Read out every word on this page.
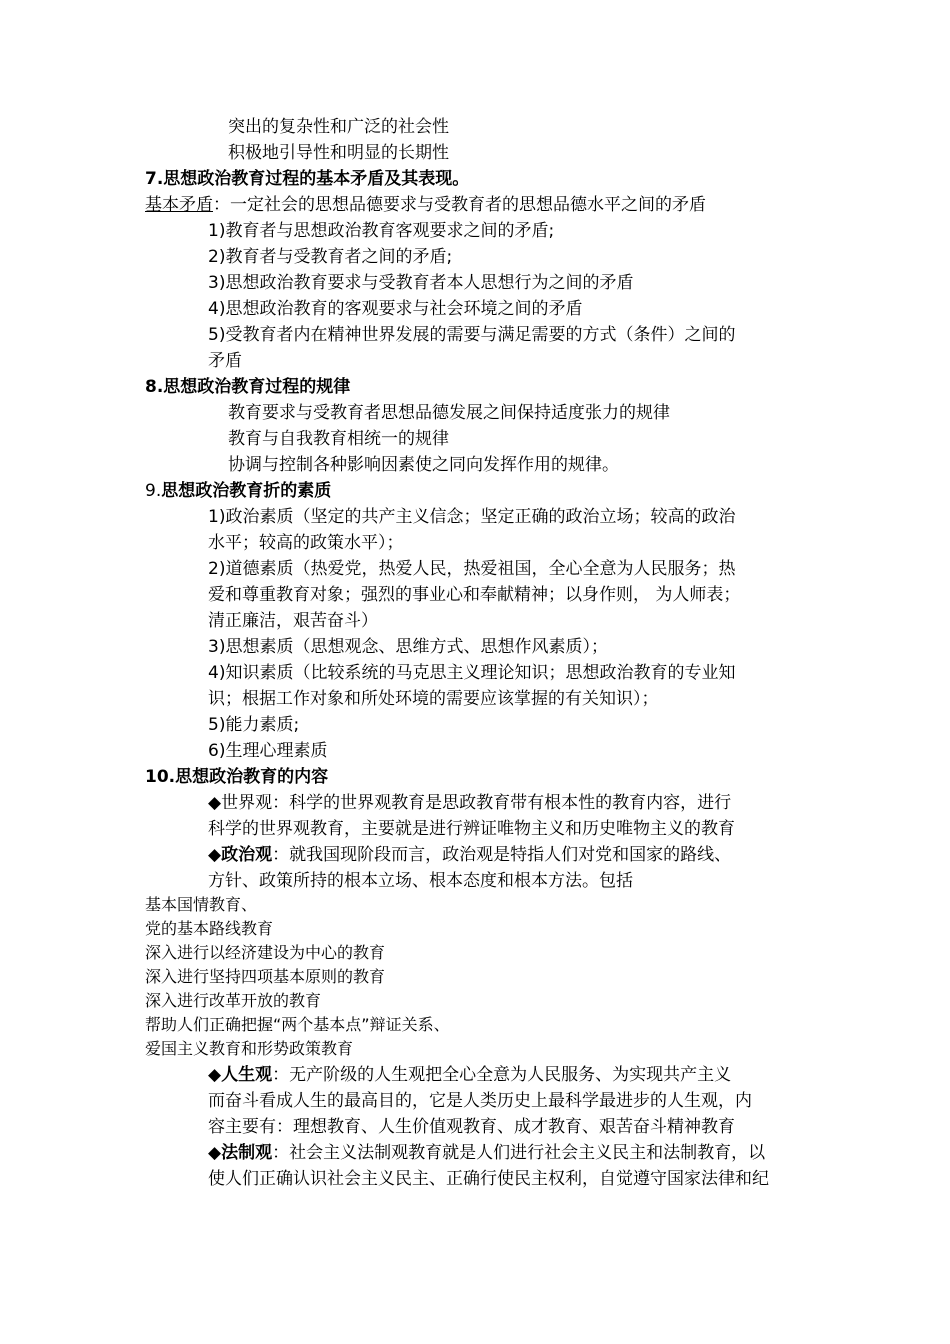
突出的复杂性和广泛的社会性
积极地引导性和明显的长期性
7.思想政治教育过程的基本矛盾及其表现。
基本矛盾：一定社会的思想品德要求与受教育者的思想品德水平之间的矛盾
1)教育者与思想政治教育客观要求之间的矛盾;
2)教育者与受教育者之间的矛盾;
3)思想政治教育要求与受教育者本人思想行为之间的矛盾
4)思想政治教育的客观要求与社会环境之间的矛盾
5)受教育者内在精神世界发展的需要与满足需要的方式（条件）之间的
矛盾
8.思想政治教育过程的规律
教育要求与受教育者思想品德发展之间保持适度张力的规律
教育与自我教育相统一的规律
协调与控制各种影响因素使之同向发挥作用的规律。
9.思想政治教育折的素质
1)政治素质（坚定的共产主义信念；坚定正确的政治立场；较高的政治
水平；较高的政策水平）；
2)道德素质（热爱党，热爱人民，热爱祖国，全心全意为人民服务；热
爱和尊重教育对象；强烈的事业心和奉献精神；以身作则， 为人师表；
清正廉洁，艰苦奋斗）
3)思想素质（思想观念、思维方式、思想作风素质）；
4)知识素质（比较系统的马克思主义理论知识；思想政治教育的专业知
识；根据工作对象和所处环境的需要应该掌握的有关知识）；
5)能力素质;
6)生理心理素质
10.思想政治教育的内容
◆世界观：科学的世界观教育是思政教育带有根本性的教育内容，进行
科学的世界观教育，主要就是进行辨证唯物主义和历史唯物主义的教育
◆政治观：就我国现阶段而言，政治观是特指人们对党和国家的路线、
方针、政策所持的根本立场、根本态度和根本方法。包括
基本国情教育、
党的基本路线教育
深入进行以经济建设为中心的教育
深入进行坚持四项基本原则的教育
深入进行改革开放的教育
帮助人们正确把握“两个基本点”辩证关系、
爱国主义教育和形势政策教育
◆人生观：无产阶级的人生观把全心全意为人民服务、为实现共产主义
而奋斗看成人生的最高目的，它是人类历史上最科学最进步的人生观，内
容主要有：理想教育、人生价值观教育、成才教育、艰苦奋斗精神教育
◆法制观：社会主义法制观教育就是人们进行社会主义民主和法制教育，以
使人们正确认识社会主义民主、正确行使民主权利，自觉遵守国家法律和纪
